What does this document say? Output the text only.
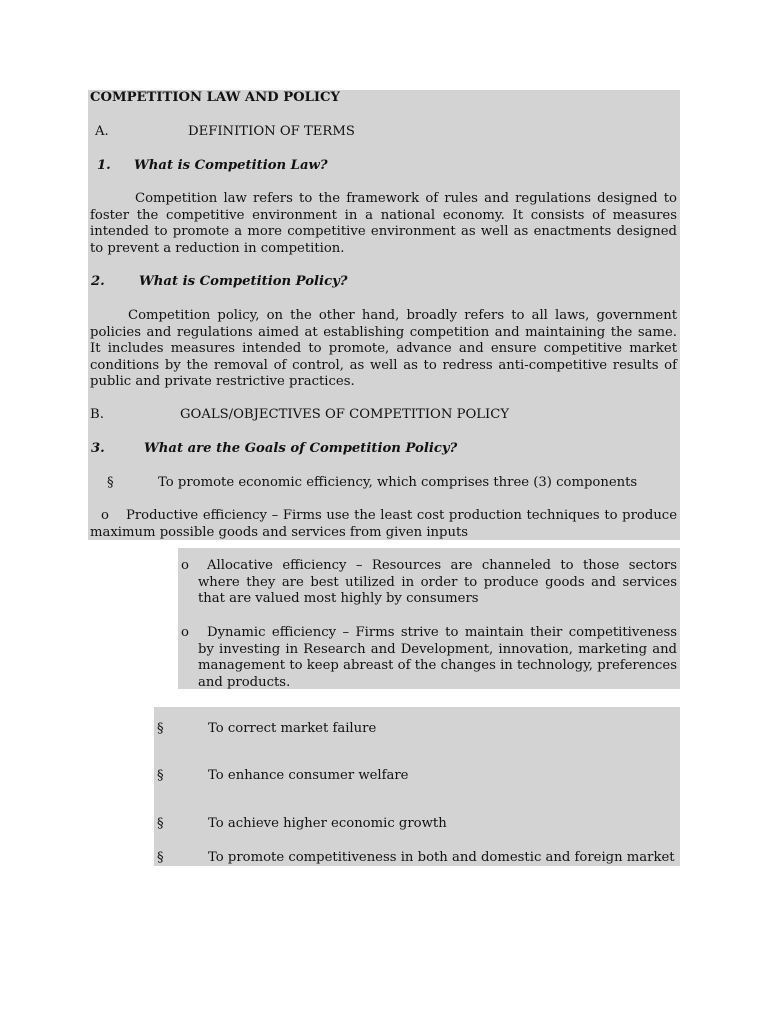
COMPETITION LAW AND POLICY
A.	DEFINITION OF TERMS
1. What is Competition Law?
Competition law refers to the framework of rules and regulations designed to foster the competitive environment in a national economy. It consists of measures intended to promote a more competitive environment as well as enactments designed to prevent a reduction in competition.
2.	What is Competition Policy?
Competition policy, on the other hand, broadly refers to all laws, government policies and regulations aimed at establishing competition and maintaining the same. It includes measures intended to promote, advance and ensure competitive market conditions by the removal of control, as well as to redress anti-competitive results of public and private restrictive practices.
B.	GOALS/OBJECTIVES OF COMPETITION POLICY
3.	What are the Goals of Competition Policy?
§	To promote economic efficiency, which comprises three (3) components
o	Productive efficiency – Firms use the least cost production techniques to produce maximum possible goods and services from given inputs
o	Allocative efficiency – Resources are channeled to those sectors where they are best utilized in order to produce goods and services that are valued most highly by consumers
o	Dynamic efficiency – Firms strive to maintain their competitiveness by investing in Research and Development, innovation, marketing and management to keep abreast of the changes in technology, preferences and products.
§	To correct market failure
§	To enhance consumer welfare
§	To achieve higher economic growth
§	To promote competitiveness in both and domestic and foreign market
